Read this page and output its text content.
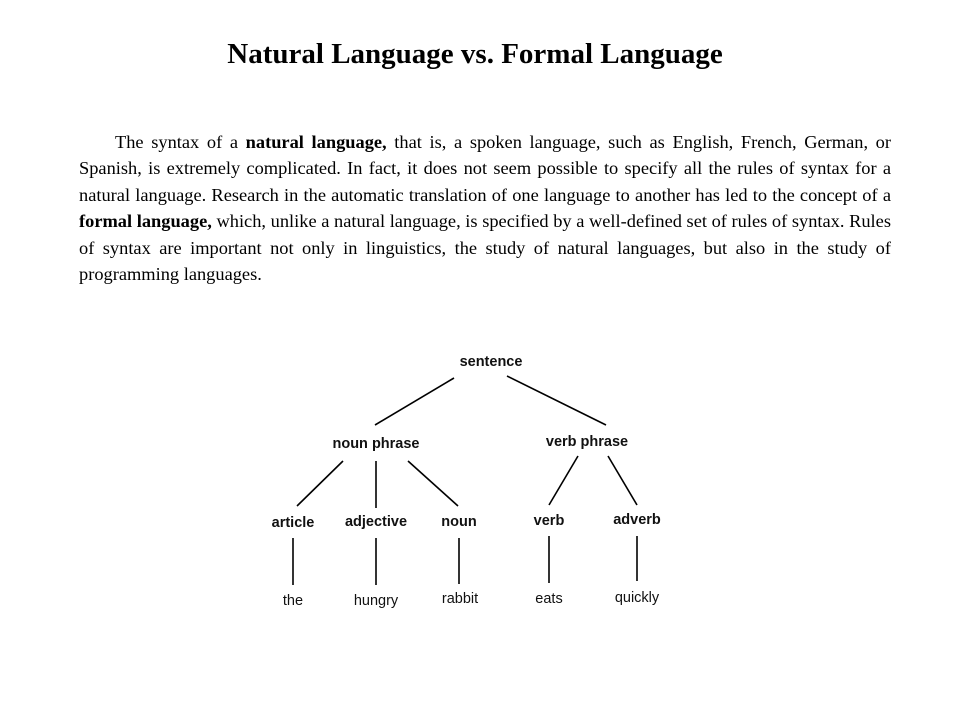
Natural Language vs. Formal Language
The syntax of a natural language, that is, a spoken language, such as English, French, German, or Spanish, is extremely complicated. In fact, it does not seem possible to specify all the rules of syntax for a natural language. Research in the automatic translation of one language to another has led to the concept of a formal language, which, unlike a natural language, is specified by a well-defined set of rules of syntax. Rules of syntax are important not only in linguistics, the study of natural languages, but also in the study of programming languages.
sentence
noun phrase	verb phrase
article adjective noun	verb	adverb
the	hungry	rabbit	eats	quickly
